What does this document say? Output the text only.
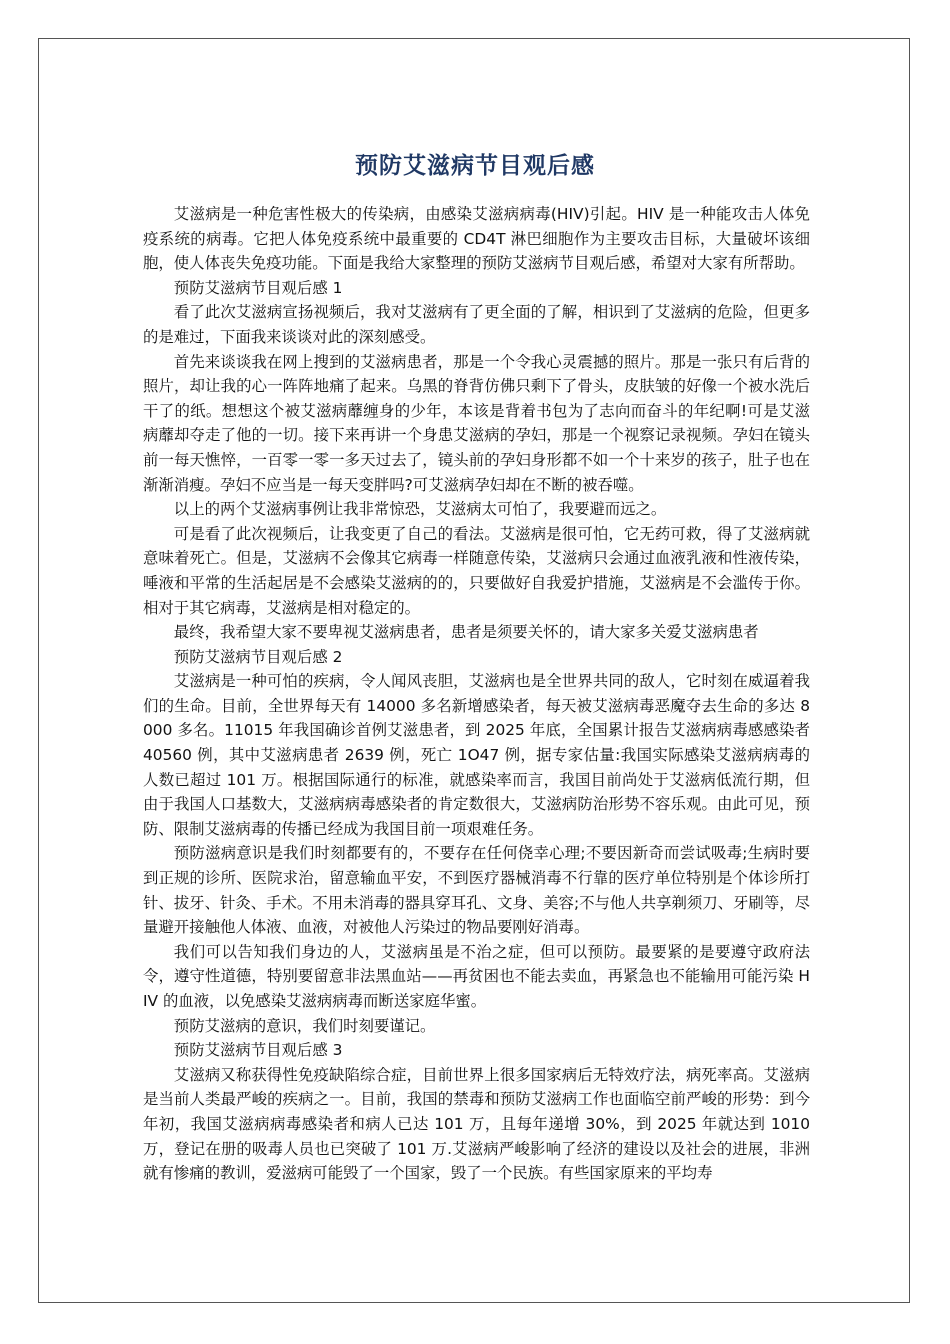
预防艾滋病节目观后感

艾滋病是一种危害性极大的传染病，由感染艾滋病病毒(HIV)引起。HIV 是一种能攻击人体免疫系统的病毒。它把人体免疫系统中最重要的 CD4T 淋巴细胞作为主要攻击目标，大量破坏该细胞，使人体丧失免疫功能。下面是我给大家整理的预防艾滋病节目观后感，希望对大家有所帮助。

预防艾滋病节目观后感 1

看了此次艾滋病宣扬视频后，我对艾滋病有了更全面的了解，相识到了艾滋病的危险，但更多的是难过，下面我来谈谈对此的深刻感受。

首先来谈谈我在网上搜到的艾滋病患者，那是一个令我心灵震撼的照片。那是一张只有后背的照片，却让我的心一阵阵地痛了起来。乌黑的脊背仿佛只剩下了骨头，皮肤皱的好像一个被水洗后干了的纸。想想这个被艾滋病蘼缠身的少年，本该是背着书包为了志向而奋斗的年纪啊!可是艾滋病蘼却夺走了他的一切。接下来再讲一个身患艾滋病的孕妇，那是一个视察记录视频。孕妇在镜头前一每天憔悴，一百零一零一多天过去了，镜头前的孕妇身形都不如一个十来岁的孩子，肚子也在渐渐消瘦。孕妇不应当是一每天变胖吗?可艾滋病孕妇却在不断的被吞噬。

以上的两个艾滋病事例让我非常惊恐，艾滋病太可怕了，我要避而远之。

可是看了此次视频后，让我变更了自己的看法。艾滋病是很可怕，它无药可救，得了艾滋病就意味着死亡。但是，艾滋病不会像其它病毒一样随意传染，艾滋病只会通过血液乳液和性液传染，唾液和平常的生活起居是不会感染艾滋病的的，只要做好自我爱护措施，艾滋病是不会滥传于你。相对于其它病毒，艾滋病是相对稳定的。

最终，我希望大家不要卑视艾滋病患者，患者是须要关怀的，请大家多关爱艾滋病患者

预防艾滋病节目观后感 2

艾滋病是一种可怕的疾病，令人闻风丧胆，艾滋病也是全世界共同的敌人，它时刻在威逼着我们的生命。目前，全世界每天有 14000 多名新增感染者，每天被艾滋病毒恶魔夺去生命的多达 8000 多名。11015 年我国确诊首例艾滋患者，到 2025 年底，全国累计报告艾滋病病毒感感染者 40560 例，其中艾滋病患者 2639 例，死亡 1O47 例，据专家估量:我国实际感染艾滋病病毒的人数已超过 101 万。根据国际通行的标准，就感染率而言，我国目前尚处于艾滋病低流行期，但由于我国人口基数大，艾滋病病毒感染者的肯定数很大，艾滋病防治形势不容乐观。由此可见，预防、限制艾滋病毒的传播已经成为我国目前一项艰难任务。

预防滋病意识是我们时刻都要有的，不要存在任何侥幸心理;不要因新奇而尝试吸毒;生病时要到正规的诊所、医院求治，留意输血平安，不到医疗器械消毒不行靠的医疗单位特别是个体诊所打针、拔牙、针灸、手术。不用未消毒的器具穿耳孔、文身、美容;不与他人共享剃须刀、牙刷等，尽量避开接触他人体液、血液，对被他人污染过的物品要刚好消毒。

我们可以告知我们身边的人，艾滋病虽是不治之症，但可以预防。最要紧的是要遵守政府法令，遵守性道德，特别要留意非法黑血站——再贫困也不能去卖血，再紧急也不能输用可能污染 HIV 的血液，以免感染艾滋病病毒而断送家庭华蜜。

预防艾滋病的意识，我们时刻要谨记。

预防艾滋病节目观后感 3

艾滋病又称获得性免疫缺陷综合症，目前世界上很多国家病后无特效疗法，病死率高。艾滋病是当前人类最严峻的疾病之一。目前，我国的禁毒和预防艾滋病工作也面临空前严峻的形势：到今年初，我国艾滋病病毒感染者和病人已达 101 万，且每年递增 30%，到 2025 年就达到 1010 万，登记在册的吸毒人员也已突破了 101 万.艾滋病严峻影响了经济的建设以及社会的进展，非洲就有惨痛的教训，爱滋病可能毁了一个国家，毁了一个民族。有些国家原来的平均寿
